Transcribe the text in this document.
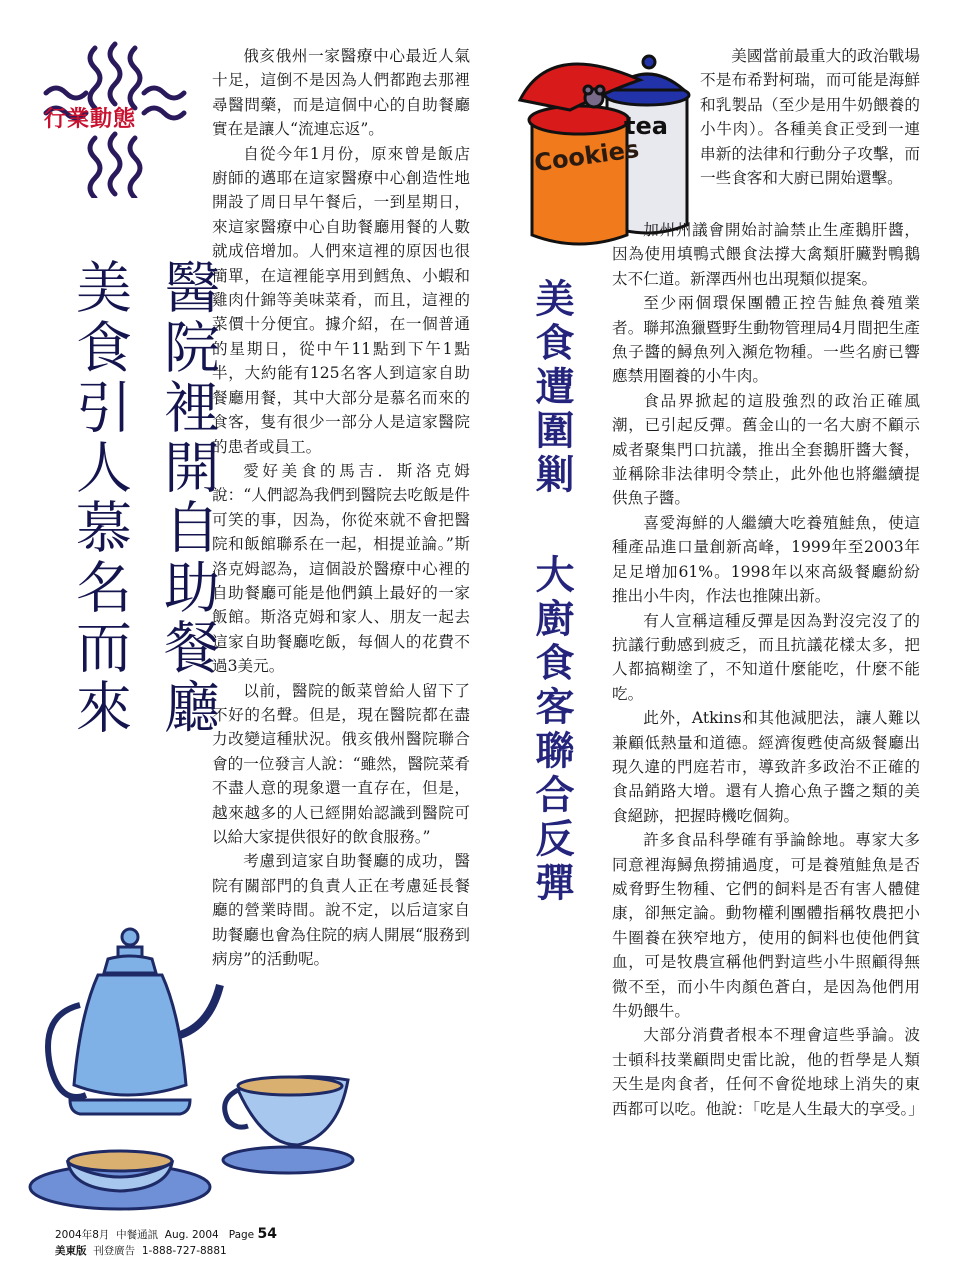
行業動態

俄亥俄州一家醫療中心最近人氣十足，這倒不是因為人們都跑去那裡尋醫問藥，而是這個中心的自助餐廳實在是讓人“流連忘返”。

自從今年1月份，原來曾是飯店廚師的邁耶在這家醫療中心創造性地開設了周日早午餐后，一到星期日，來這家醫療中心自助餐廳用餐的人數就成倍增加。人們來這裡的原因也很簡單，在這裡能享用到鱈魚、小蝦和雞肉什錦等美味菜肴，而且，這裡的菜價十分便宜。據介紹，在一個普通的星期日，從中午11點到下午1點半，大約能有125名客人到這家自助餐廳用餐，其中大部分是慕名而來的食客，隻有很少一部分人是這家醫院的患者或員工。

愛好美食的馬吉．斯洛克姆說：“人們認為我們到醫院去吃飯是件可笑的事，因為，你從來就不會把醫院和飯館聯系在一起，相提並論。”斯洛克姆認為，這個設於醫療中心裡的自助餐廳可能是他們鎮上最好的一家飯館。斯洛克姆和家人、朋友一起去這家自助餐廳吃飯，每個人的花費不過3美元。

以前，醫院的飯菜曾給人留下了不好的名聲。但是，現在醫院都在盡力改變這種狀況。俄亥俄州醫院聯合會的一位發言人說：“雖然，醫院菜肴不盡人意的現象還一直存在，但是，越來越多的人已經開始認識到醫院可以給大家提供很好的飲食服務。”

考慮到這家自助餐廳的成功，醫院有關部門的負責人正在考慮延長餐廳的營業時間。說不定，以后這家自助餐廳也會為住院的病人開展“服務到病房”的活動呢。

醫院裡開自助餐廳
美食引人慕名而來
Cookies
tea

美國當前最重大的政治戰場不是布希對柯瑞，而可能是海鮮和乳製品（至少是用牛奶餵養的小牛肉）。各種美食正受到一連串新的法律和行動分子攻擊，而一些食客和大廚已開始還擊。

美食遭圍剿大廚食客聯合反彈

加州州議會開始討論禁止生產鵝肝醬，因為使用填鴨式餵食法撐大禽類肝臟對鴨鵝太不仁道。新澤西州也出現類似提案。

至少兩個環保團體正控告鮭魚養殖業者。聯邦漁獵暨野生動物管理局4月間把生產魚子醬的鱘魚列入瀕危物種。一些名廚已響應禁用圈養的小牛肉。

食品界掀起的這股強烈的政治正確風潮，已引起反彈。舊金山的一名大廚不顧示威者聚集門口抗議，推出全套鵝肝醬大餐，並稱除非法律明令禁止，此外他也將繼續提供魚子醬。

喜愛海鮮的人繼續大吃養殖鮭魚，使這種產品進口量創新高峰，1999年至2003年足足增加61%。1998年以來高級餐廳紛紛推出小牛肉，作法也推陳出新。

有人宣稱這種反彈是因為對沒完沒了的抗議行動感到疲乏，而且抗議花樣太多，把人都搞糊塗了，不知道什麼能吃，什麼不能吃。

此外，Atkins和其他減肥法，讓人難以兼顧低熱量和道德。經濟復甦使高級餐廳出現久違的門庭若市，導致許多政治不正確的食品銷路大增。還有人擔心魚子醬之類的美食絕跡，把握時機吃個夠。

許多食品科學確有爭論餘地。專家大多同意裡海鱘魚撈捕過度，可是養殖鮭魚是否威脅野生物種、它們的飼料是否有害人體健康，卻無定論。動物權利團體指稱牧農把小牛圈養在狹窄地方，使用的飼料也使他們貧血，可是牧農宣稱他們對這些小牛照顧得無微不至，而小牛肉顏色蒼白，是因為他們用牛奶餵牛。

大部分消費者根本不理會這些爭論。波士頓科技業顧問史雷比說，他的哲學是人類天生是肉食者，任何不會從地球上消失的東西都可以吃。他說：「吃是人生最大的享受。」

2004年8月 中餐通訊 Aug. 2004 Page 54
美東版 刊登廣告 1-888-727-8881
